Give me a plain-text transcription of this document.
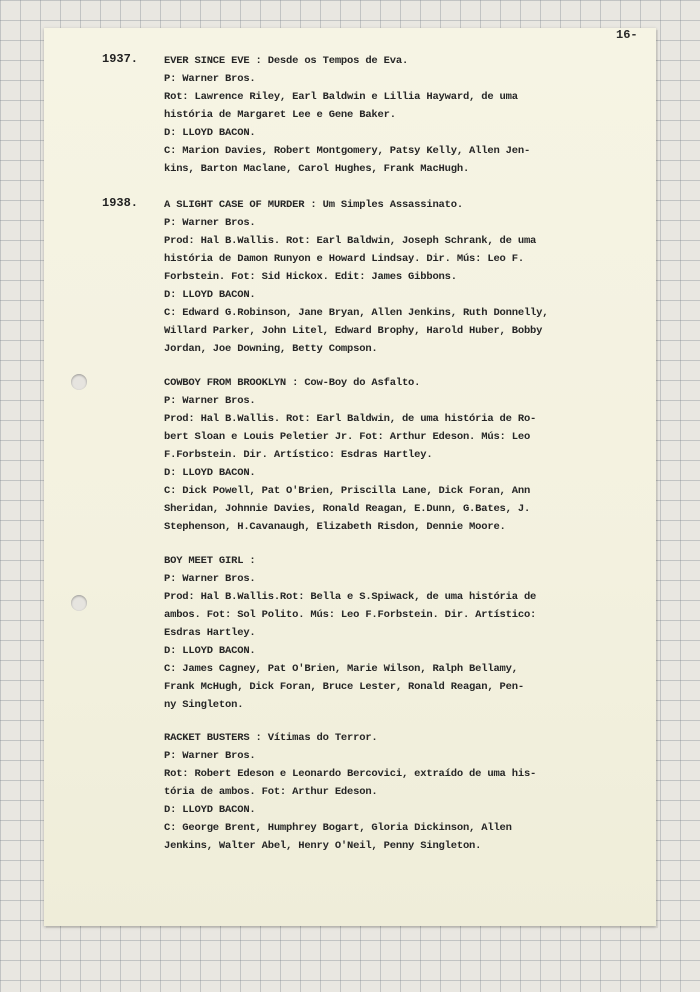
16-
1937. EVER SINCE EVE : Desde os Tempos de Eva.
P: Warner Bros.
Rot: Lawrence Riley, Earl Baldwin e Lillia Hayward, de uma
história de Margaret Lee e Gene Baker.
D: LLOYD BACON.
C: Marion Davies, Robert Montgomery, Patsy Kelly, Allen Jen-
kins, Barton Maclane, Carol Hughes, Frank MacHugh.
1938. A SLIGHT CASE OF MURDER : Um Simples Assassinato.
P: Warner Bros.
Prod: Hal B.Wallis. Rot: Earl Baldwin, Joseph Schrank, de uma
história de Damon Runyon e Howard Lindsay. Dir. Mús: Leo F.
Forbstein. Fot: Sid Hickox. Edit: James Gibbons.
D: LLOYD BACON.
C: Edward G.Robinson, Jane Bryan, Allen Jenkins, Ruth Donnelly,
Willard Parker, John Litel, Edward Brophy, Harold Huber, Bobby
Jordan, Joe Downing, Betty Compson.
COWBOY FROM BROOKLYN : Cow-Boy do Asfalto.
P: Warner Bros.
Prod: Hal B.Wallis. Rot: Earl Baldwin, de uma história de Ro-
bert Sloan e Louis Peletier Jr. Fot: Arthur Edeson. Mús: Leo
F.Forbstein. Dir. Artístico: Esdras Hartley.
D: LLOYD BACON.
C: Dick Powell, Pat O'Brien, Priscilla Lane, Dick Foran, Ann
Sheridan, Johnnie Davies, Ronald Reagan, E.Dunn, G.Bates, J.
Stephenson, H.Cavanaugh, Elizabeth Risdon, Dennie Moore.
BOY MEET GIRL :
P: Warner Bros.
Prod: Hal B.Wallis.Rot: Bella e S.Spiwack, de uma história de
ambos. Fot: Sol Polito. Mús: Leo F.Forbstein. Dir. Artístico:
Esdras Hartley.
D: LLOYD BACON.
C: James Cagney, Pat O'Brien, Marie Wilson, Ralph Bellamy,
Frank McHugh, Dick Foran, Bruce Lester, Ronald Reagan, Pen-
ny Singleton.
RACKET BUSTERS : Vítimas do Terror.
P: Warner Bros.
Rot: Robert Edeson e Leonardo Bercovici, extraído de uma his-
tória de ambos. Fot: Arthur Edeson.
D: LLOYD BACON.
C: George Brent, Humphrey Bogart, Gloria Dickinson, Allen
Jenkins, Walter Abel, Henry O'Neil, Penny Singleton.
